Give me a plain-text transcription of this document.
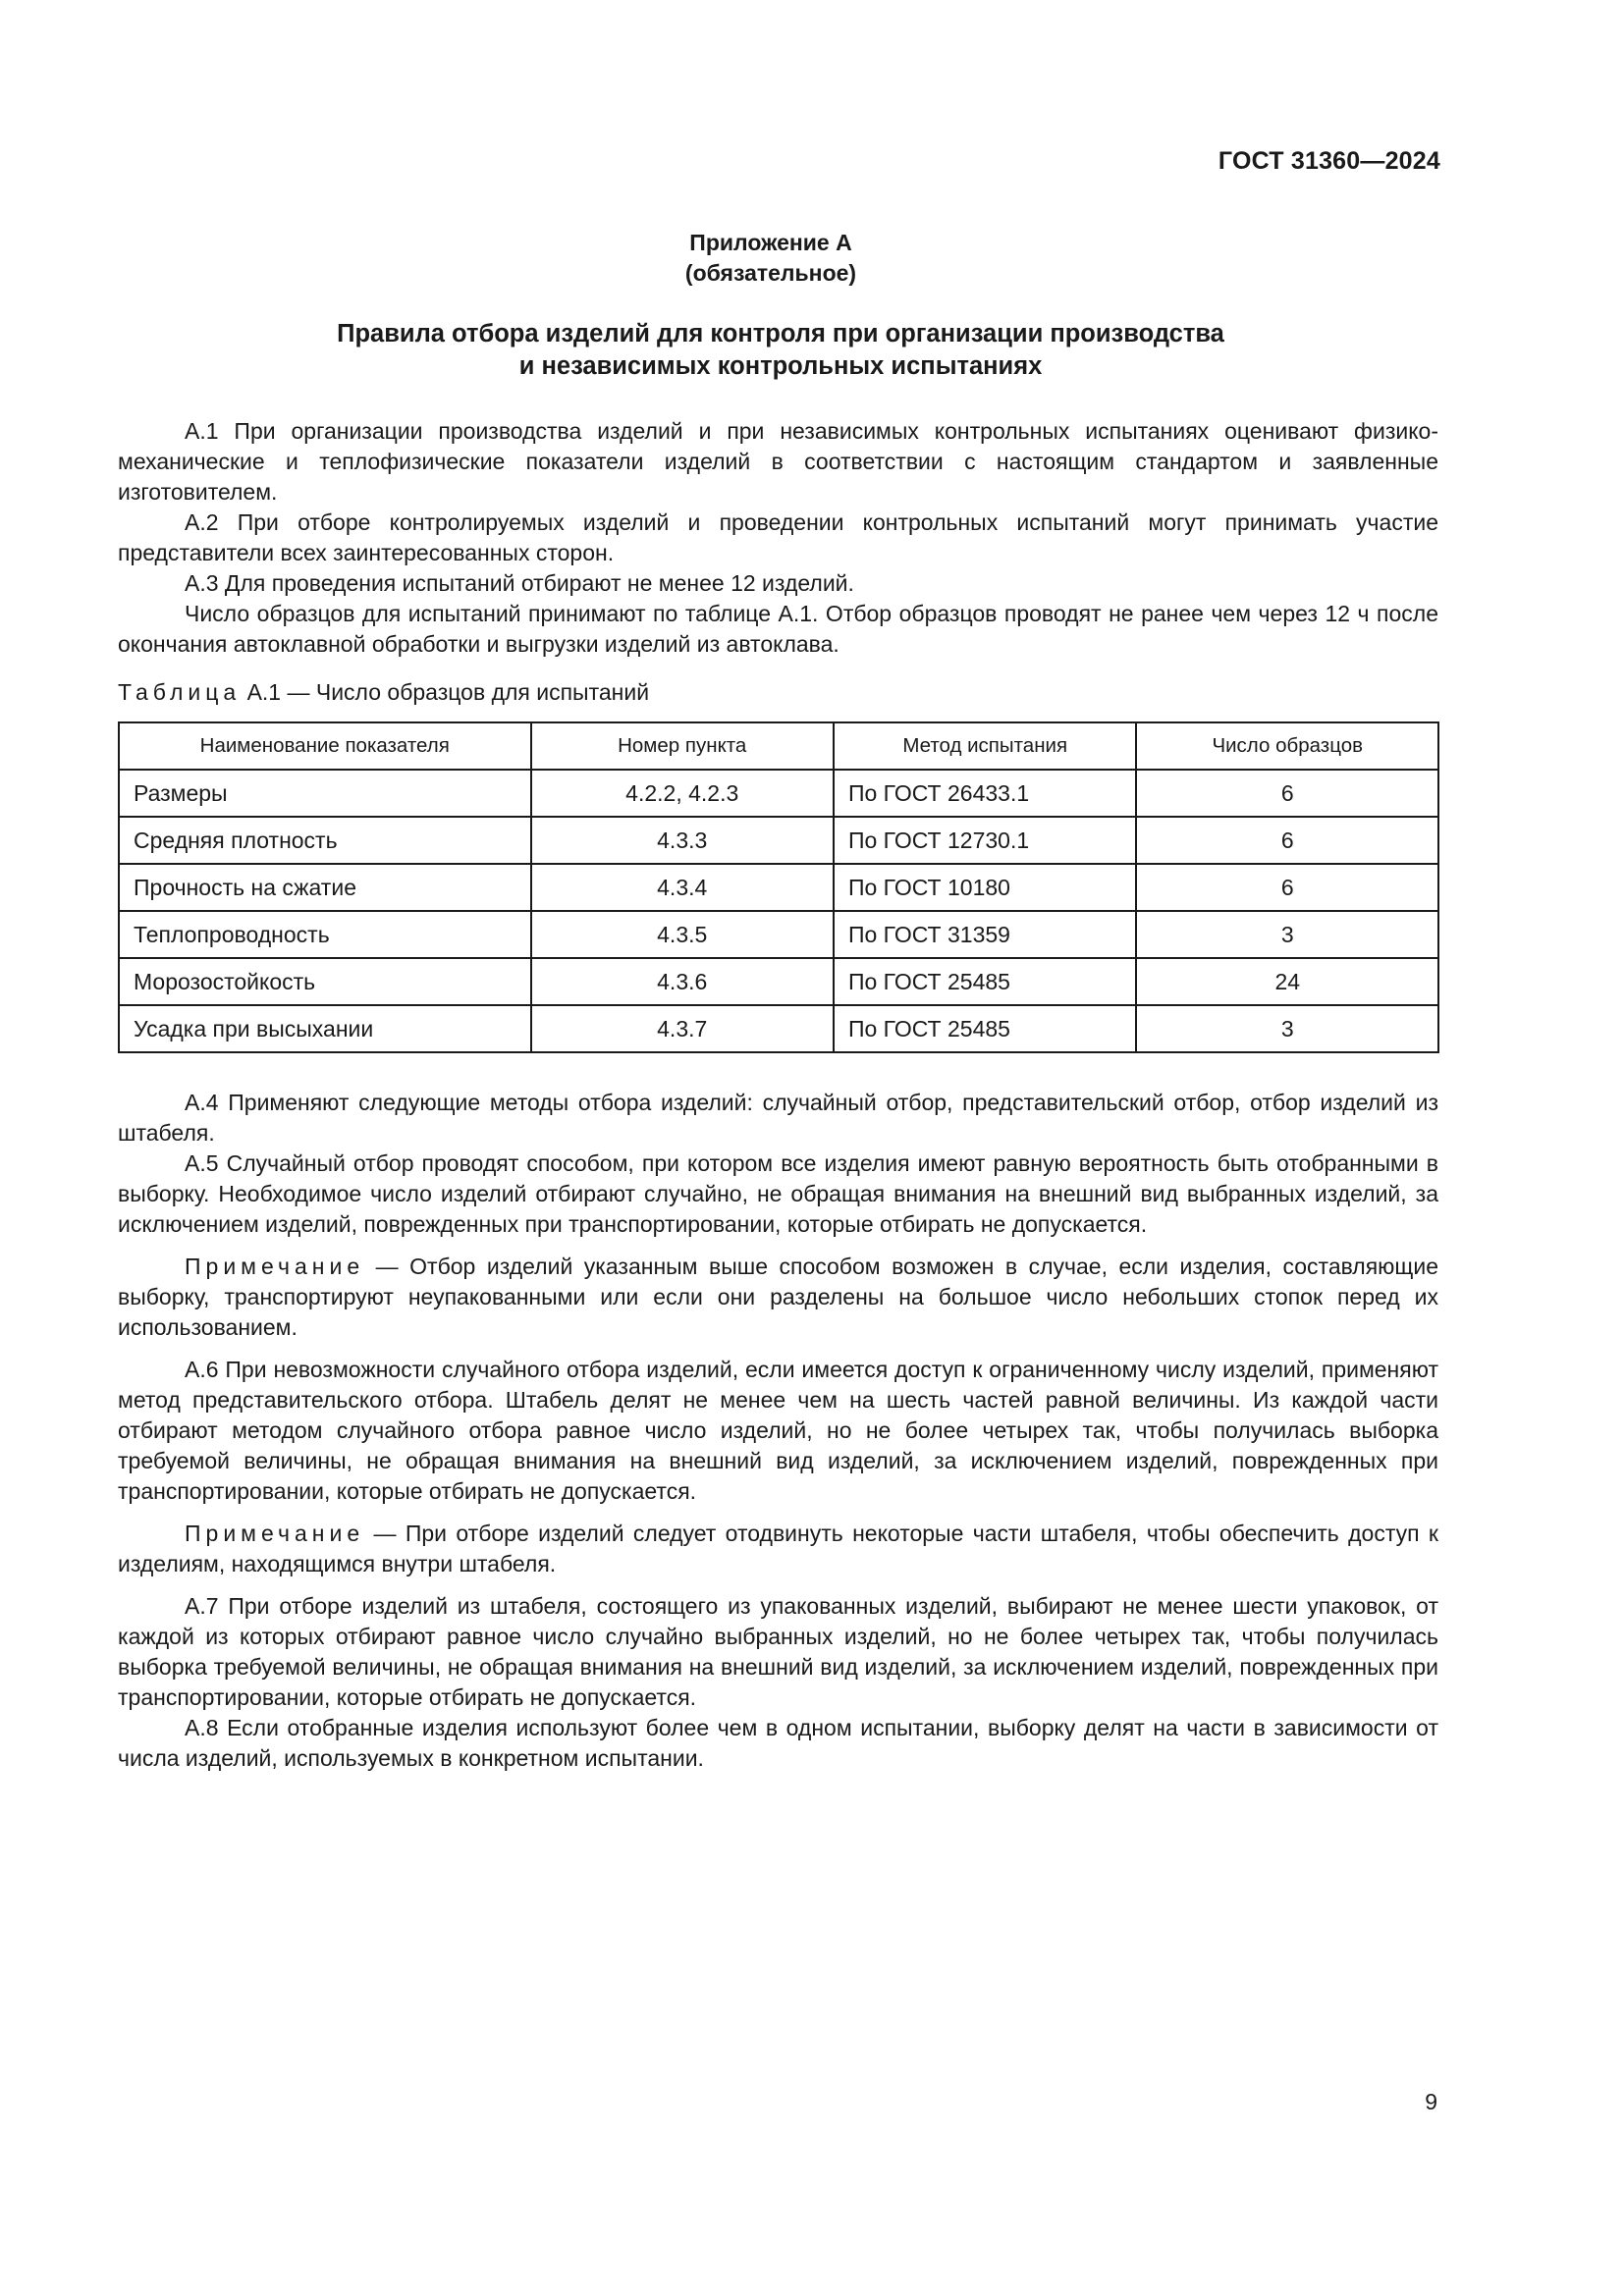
ГОСТ 31360—2024
Приложение А
(обязательное)
Правила отбора изделий для контроля при организации производства
и независимых контрольных испытаниях

А.1 При организации производства изделий и при независимых контрольных испытаниях оценивают физико-механические и теплофизические показатели изделий в соответствии с настоящим стандартом и заявленные изготовителем.

А.2 При отборе контролируемых изделий и проведении контрольных испытаний могут принимать участие представители всех заинтересованных сторон.

А.3 Для проведения испытаний отбирают не менее 12 изделий.

Число образцов для испытаний принимают по таблице А.1. Отбор образцов проводят не ранее чем через 12 ч после окончания автоклавной обработки и выгрузки изделий из автоклава.

Таблица А.1 — Число образцов для испытаний
Наименование показателя	Номер пункта	Метод испытания	Число образцов
Размеры	4.2.2, 4.2.3	По ГОСТ 26433.1	6
Средняя плотность	4.3.3	По ГОСТ 12730.1	6
Прочность на сжатие	4.3.4	По ГОСТ 10180	6
Теплопроводность	4.3.5	По ГОСТ 31359	3
Морозостойкость	4.3.6	По ГОСТ 25485	24
Усадка при высыхании	4.3.7	По ГОСТ 25485	3

А.4 Применяют следующие методы отбора изделий: случайный отбор, представительский отбор, отбор изделий из штабеля.

А.5 Случайный отбор проводят способом, при котором все изделия имеют равную вероятность быть отобранными в выборку. Необходимое число изделий отбирают случайно, не обращая внимания на внешний вид выбранных изделий, за исключением изделий, поврежденных при транспортировании, которые отбирать не допускается.

Примечание — Отбор изделий указанным выше способом возможен в случае, если изделия, составляющие выборку, транспортируют неупакованными или если они разделены на большое число небольших стопок перед их использованием.

А.6 При невозможности случайного отбора изделий, если имеется доступ к ограниченному числу изделий, применяют метод представительского отбора. Штабель делят не менее чем на шесть частей равной величины. Из каждой части отбирают методом случайного отбора равное число изделий, но не более четырех так, чтобы получилась выборка требуемой величины, не обращая внимания на внешний вид изделий, за исключением изделий, поврежденных при транспортировании, которые отбирать не допускается.

Примечание — При отборе изделий следует отодвинуть некоторые части штабеля, чтобы обеспечить доступ к изделиям, находящимся внутри штабеля.

А.7 При отборе изделий из штабеля, состоящего из упакованных изделий, выбирают не менее шести упаковок, от каждой из которых отбирают равное число случайно выбранных изделий, но не более четырех так, чтобы получилась выборка требуемой величины, не обращая внимания на внешний вид изделий, за исключением изделий, поврежденных при транспортировании, которые отбирать не допускается.

А.8 Если отобранные изделия используют более чем в одном испытании, выборку делят на части в зависимости от числа изделий, используемых в конкретном испытании.

9
